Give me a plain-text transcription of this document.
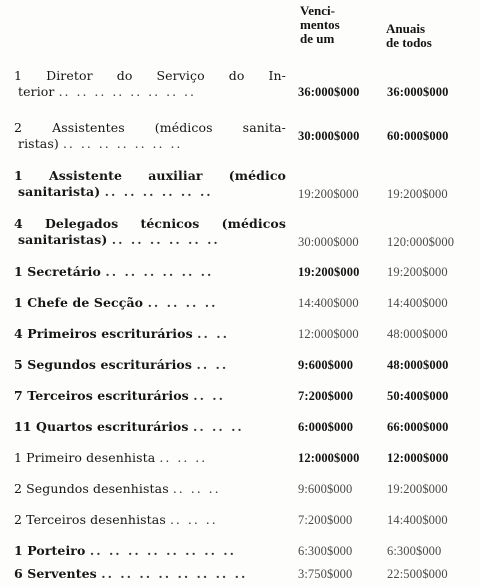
Venci-
mentos
de um
Anuais
de todos
1 Diretor do Serviço do In-
terior .. .. .. .. .. .. .. ..	36:000$000 36:000$000
2 Assistentes (médicos sanita-
ristas) .. .. .. .. .. .. ..	30:000$000 60:000$000
1 Assistente auxiliar (médico
sanitarista) .. .. .. .. .. ..	19:200$000 19:200$000
4 Delegados técnicos (médicos
sanitaristas) .. .. .. .. .. ..	30:000$000 120:000$000
1 Secretário .. .. .. .. .. ..	19:200$000 19:200$000
1 Chefe de Secção .. .. .. ..	14:400$000 14:400$000
4 Primeiros escriturários .. ..	12:000$000 48:000$000
5 Segundos escriturários .. ..	9:600$000	48:000$000
7 Terceiros escriturários .. ..	7:200$000	50:400$000
11 Quartos escriturários .. .. ..	6:000$000	66:000$000
1 Primeiro desenhista .. .. ..	12:000$000 12:000$000
2 Segundos desenhistas .. .. ..	9:600$000	19:200$000
2 Terceiros desenhistas .. .. ..	7:200$000	14:400$000
1 Porteiro .. .. .. .. .. .. .. ..	6:300$000	6:300$000
6 Serventes .. .. .. .. .. .. .. ..	3:750$000	22:500$000
